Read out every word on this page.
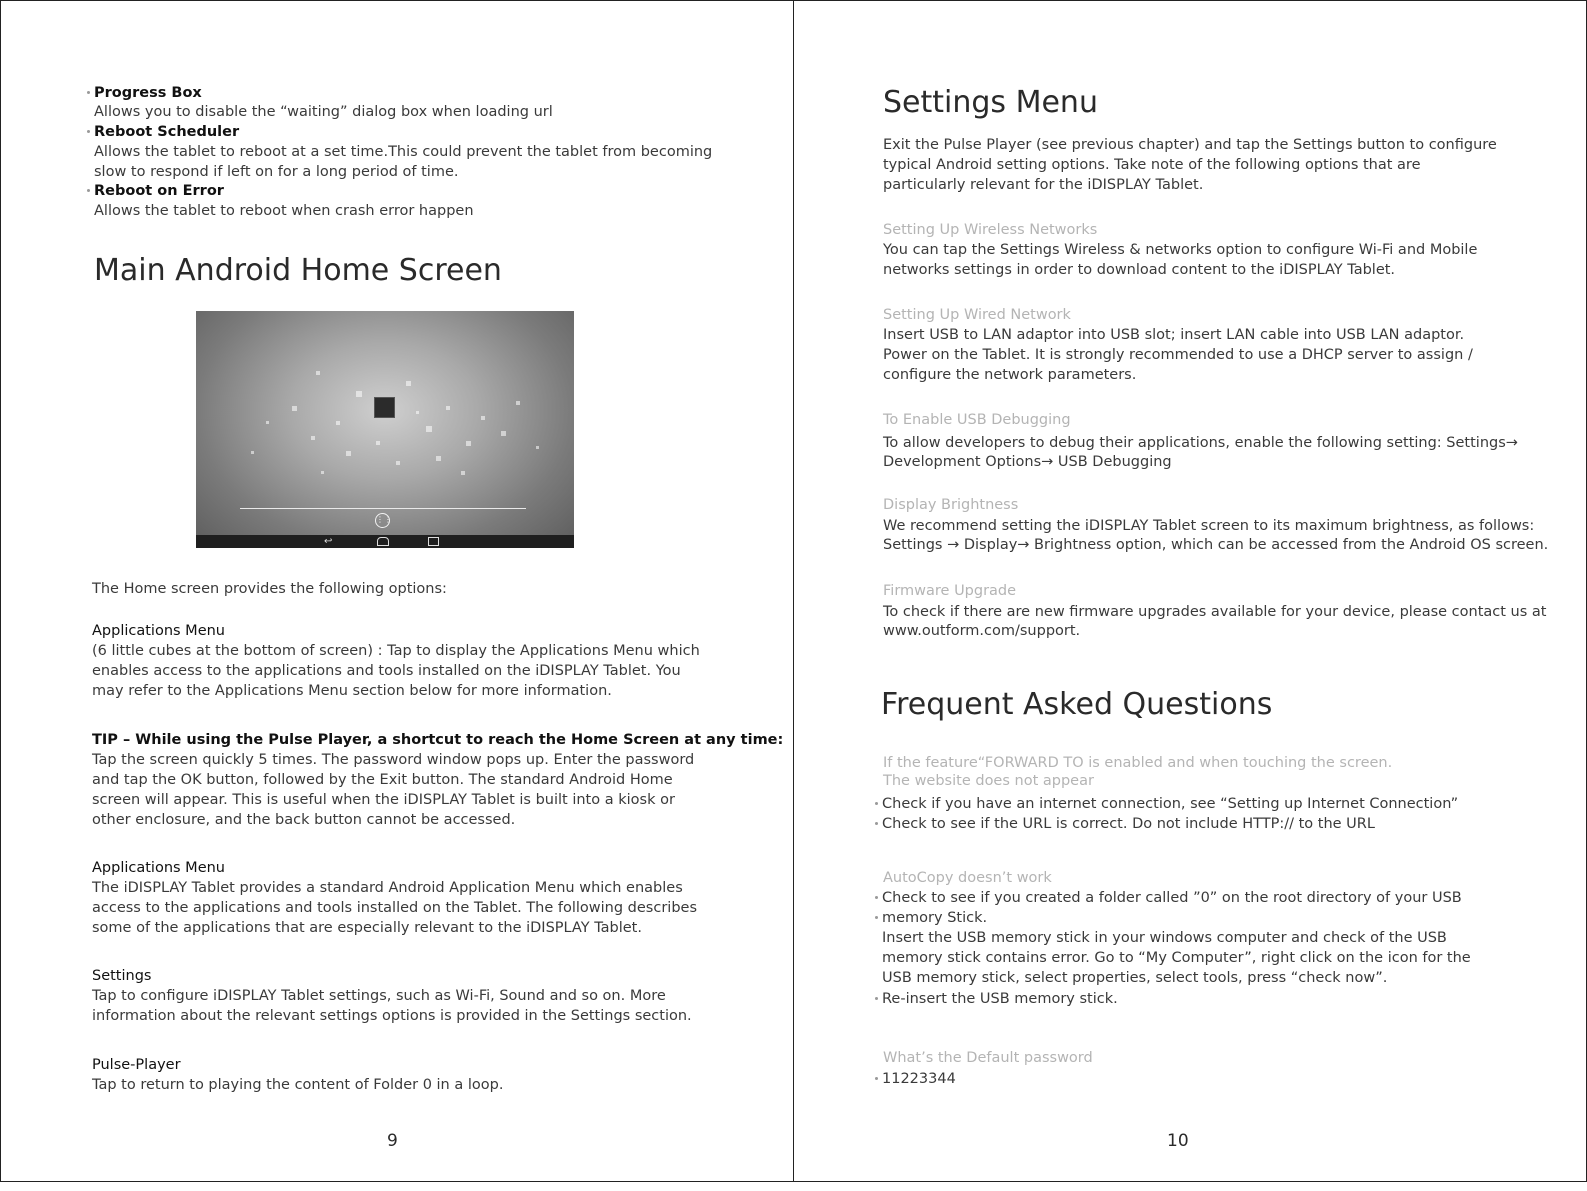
Progress Box
Allows you to disable the “waiting” dialog box when loading url
Reboot Scheduler
Allows the tablet to reboot at a set time.This could prevent the tablet from becoming
slow to respond if left on for a long period of time.
Reboot on Error
Allows the tablet to reboot when crash error happen
Main Android Home Screen
⋮⋮
↩
The Home screen provides the following options:
Applications Menu
(6 little cubes at the bottom of screen) : Tap to display the Applications Menu which
enables access to the applications and tools installed on the iDISPLAY Tablet. You
may refer to the Applications Menu section below for more information.
TIP – While using the Pulse Player, a shortcut to reach the Home Screen at any time:
Tap the screen quickly 5 times. The password window pops up. Enter the password
and tap the OK button, followed by the Exit button. The standard Android Home
screen will appear. This is useful when the iDISPLAY Tablet is built into a kiosk or
other enclosure, and the back button cannot be accessed.
Applications Menu
The iDISPLAY Tablet provides a standard Android Application Menu which enables
access to the applications and tools installed on the Tablet. The following describes
some of the applications that are especially relevant to the iDISPLAY Tablet.
Settings
Tap to configure iDISPLAY Tablet settings, such as Wi-Fi, Sound and so on. More
information about the relevant settings options is provided in the Settings section.
Pulse-Player
Tap to return to playing the content of Folder 0 in a loop.
9
Settings Menu
Exit the Pulse Player (see previous chapter) and tap the Settings button to configure
typical Android setting options. Take note of the following options that are
particularly relevant for the iDISPLAY Tablet.
Setting Up Wireless Networks
You can tap the Settings Wireless & networks option to configure Wi-Fi and Mobile
networks settings in order to download content to the iDISPLAY Tablet.
Setting Up Wired Network
Insert USB to LAN adaptor into USB slot; insert LAN cable into USB LAN adaptor.
Power on the Tablet. It is strongly recommended to use a DHCP server to assign /
configure the network parameters.
To Enable USB Debugging
To allow developers to debug their applications, enable the following setting: Settings→
Development Options→ USB Debugging
Display Brightness
We recommend setting the iDISPLAY Tablet screen to its maximum brightness, as follows:
Settings → Display→ Brightness option, which can be accessed from the Android OS screen.
Firmware Upgrade
To check if there are new firmware upgrades available for your device, please contact us at
www.outform.com/support.
Frequent Asked Questions
If the feature“FORWARD TO is enabled and when touching the screen.
The website does not appear
Check if you have an internet connection, see “Setting up Internet Connection”
Check to see if the URL is correct. Do not include HTTP:// to the URL
AutoCopy doesn’t work
Check to see if you created a folder called ”0” on the root directory of your USB
memory Stick.
Insert the USB memory stick in your windows computer and check of the USB
memory stick contains error. Go to “My Computer”, right click on the icon for the
USB memory stick, select properties, select tools, press “check now”.
Re-insert the USB memory stick.
What’s the Default password
11223344
10
